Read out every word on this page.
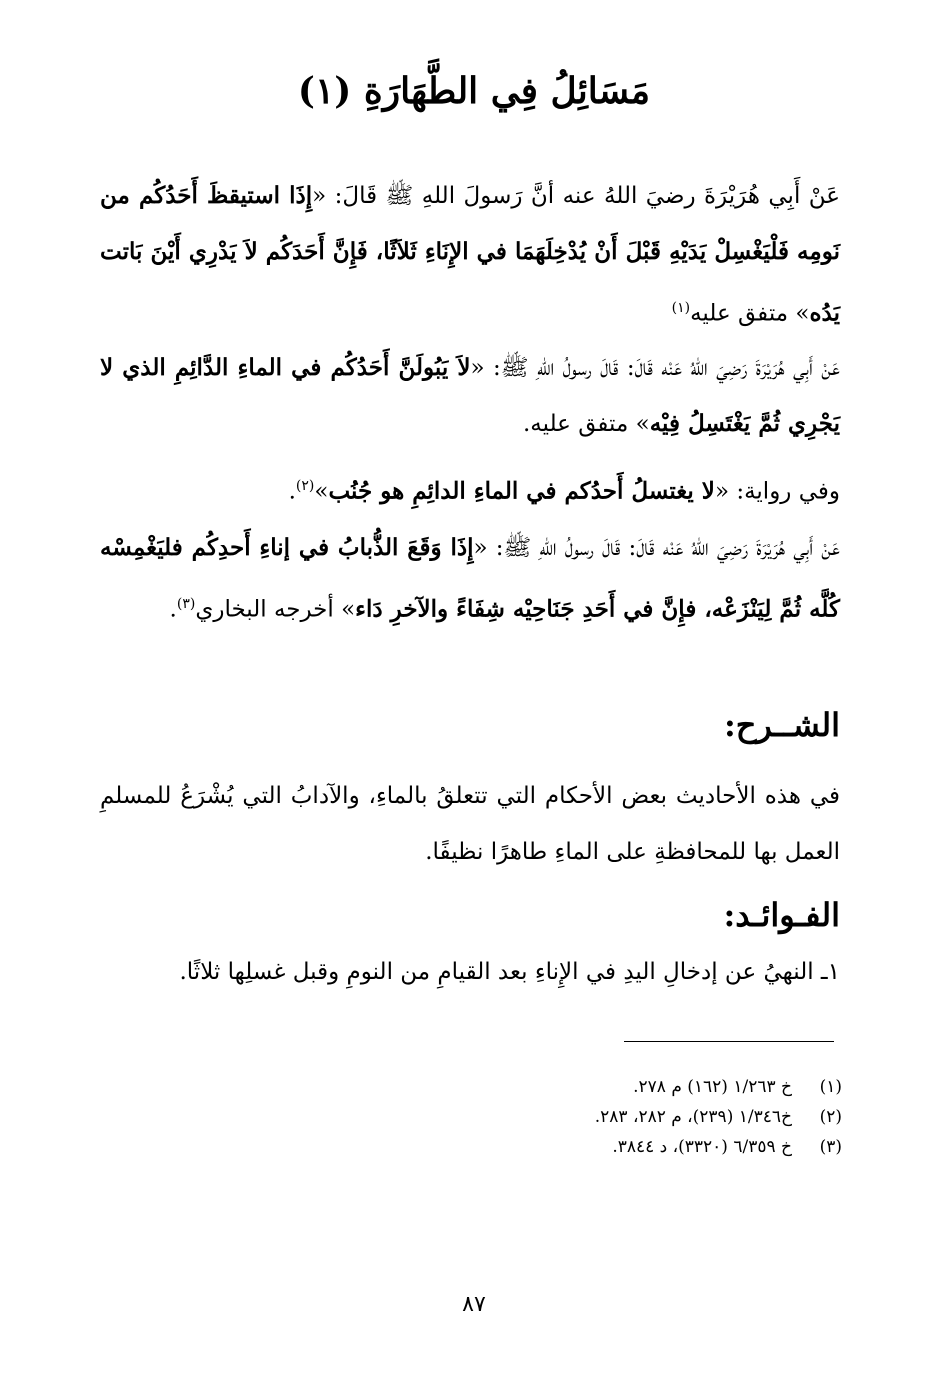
مَسَائِلُ فِي الطَّهَارَةِ (١)
عَنْ أَبِي هُرَيْرَةَ رضيَ اللهُ عنه أنَّ رَسولَ اللهِ ﷺ قَالَ: «إِذَا استيقظَ أَحَدُكُم من نَومِه فَلْيَغْسِلْ يَدَيْهِ قَبْلَ أَنْ يُدْخِلَهَمَا في الإِنَاءِ ثَلاَثًا، فَإِنَّ أَحَدَكُم لاَ يَدْرِي أَيْنَ بَاتت يَدُه» متفق عليه$^{(١)}$
عَنْ أَبِي هُرَيْرَةَ رَضِيَ اللهُ عَنْه قَالَ: قَالَ رسولُ اللهِ ﷺ: «لاَ يَبُولَنَّ أَحَدُكُم في الماءِ الدَّائِمِ الذي لا يَجْرِي ثُمَّ يَغْتَسِلُ فِيْه» متفق عليه.
وفي رواية: «لا يغتسلُ أَحدُكم في الماءِ الدائِمِ هو جُنُب»$^{(٢)}$.
عَنْ أَبِي هُرَيْرَةَ رَضِيَ اللهُ عَنْه قَالَ: قَالَ رسولُ اللهِ ﷺ: «إِذَا وَقَعَ الذُّبابُ في إناءِ أَحدِكُم فليَغْمِسْه كُلَّه ثُمَّ لِيَنْزَعْه، فإِنَّ في أَحَدِ جَنَاحِيْه شِفَاءً والآخرِ دَاء» أخرجه البخاري$^{(٣)}$.
الشــرح:
في هذه الأحاديث بعض الأحكام التي تتعلقُ بالماءِ، والآدابُ التي يُشْرَعُ للمسلمِ العمل بها للمحافظةِ على الماءِ طاهرًا نظيفًا.
الفـوائـد:
١ـ النهيُ عن إدخالِ اليدِ في الإِناءِ بعد القيامِ من النومِ وقبل غسلِها ثلاثًا.
(١)
خ ١/٢٦٣ (١٦٢) م ٢٧٨.
(٢)
خ١/٣٤٦ (٢٣٩)، م ٢٨٢، ٢٨٣.
(٣)
خ ٦/٣٥٩ (٣٣٢٠)، د ٣٨٤٤.
٨٧
